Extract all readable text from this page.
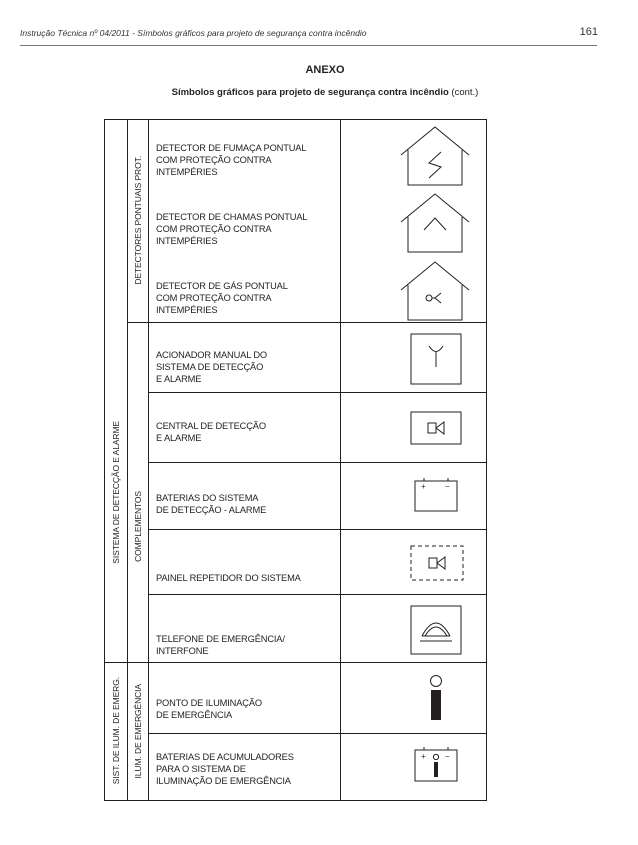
Instrução Técnica nº 04/2011 - Símbolos gráficos para projeto de segurança contra incêndio	161
ANEXO
Símbolos gráficos para projeto de segurança contra incêndio (cont.)
SISTEMA DE DETECÇÃO E ALARME
SIST. DE ILUM. DE EMERG.
DETECTORES PONTUAIS PROT.
COMPLEMENTOS
ILUM. DE EMERGÊNCIA
DETECTOR DE FUMAÇA PONTUAL
COM PROTEÇÃO CONTRA
INTEMPÉRIES
DETECTOR DE CHAMAS PONTUAL
COM PROTEÇÃO CONTRA
INTEMPÉRIES
DETECTOR DE GÁS PONTUAL
COM PROTEÇÃO CONTRA
INTEMPÉRIES
ACIONADOR MANUAL DO
SISTEMA DE DETECÇÃO
E ALARME
CENTRAL DE DETECÇÃO
E ALARME
BATERIAS DO SISTEMA
DE DETECÇÃO - ALARME
PAINEL REPETIDOR DO SISTEMA
TELEFONE DE EMERGÊNCIA/
INTERFONE
PONTO DE ILUMINAÇÃO
DE EMERGÊNCIA
BATERIAS DE ACUMULADORES
PARA O SISTEMA DE
ILUMINAÇÃO DE EMERGÊNCIA
+ −
+ −
